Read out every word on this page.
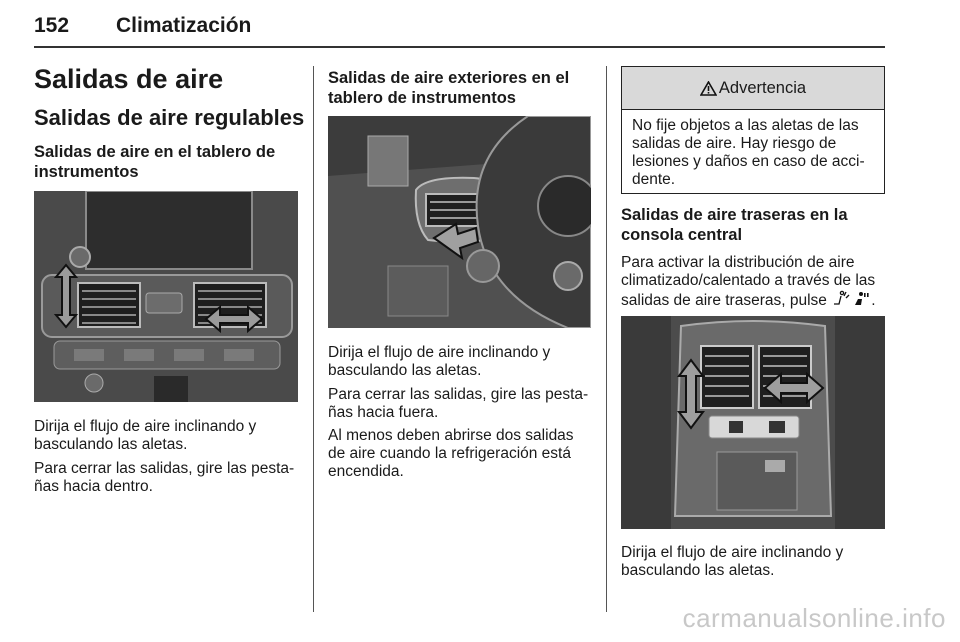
152 Climatización
Salidas de aire
Salidas de aire regulables
Salidas de aire en el tablero de
instrumentos
Dirija el flujo de aire inclinando y
basculando las aletas.
Para cerrar las salidas, gire las pesta-
ñas hacia dentro.
Salidas de aire exteriores en el
tablero de instrumentos
Dirija el flujo de aire inclinando y
basculando las aletas.
Para cerrar las salidas, gire las pesta-
ñas hacia fuera.
Al menos deben abrirse dos salidas
de aire cuando la refrigeración está
encendida.
Advertencia
No fije objetos a las aletas de las
salidas de aire. Hay riesgo de
lesiones y daños en caso de acci-
dente.
Salidas de aire traseras en la
consola central
Para activar la distribución de aire
climatizado/calentado a través de las
salidas de aire traseras, pulse	.
Dirija el flujo de aire inclinando y
basculando las aletas.
carmanualsonline.info
